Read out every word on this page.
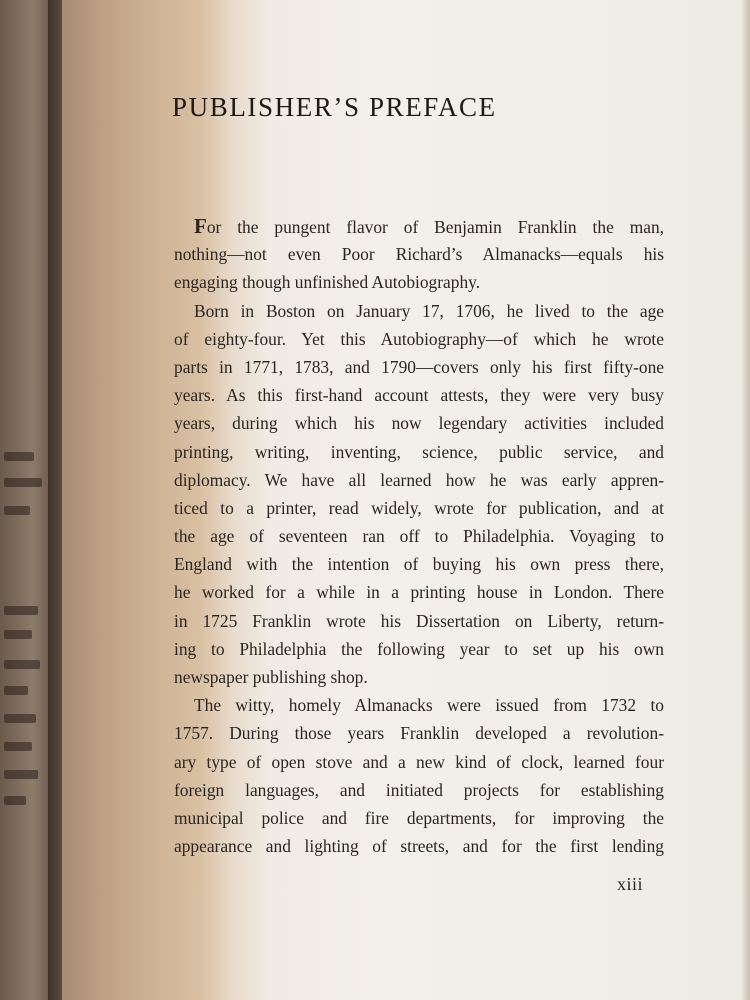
PUBLISHER’S PREFACE
For the pungent flavor of Benjamin Franklin the man,
nothing—not even Poor Richard’s Almanacks—equals his
engaging though unfinished Autobiography.
Born in Boston on January 17, 1706, he lived to the age
of eighty-four. Yet this Autobiography—of which he wrote
parts in 1771, 1783, and 1790—covers only his first fifty-one
years. As this first-hand account attests, they were very busy
years, during which his now legendary activities included
printing, writing, inventing, science, public service, and
diplomacy. We have all learned how he was early appren-
ticed to a printer, read widely, wrote for publication, and at
the age of seventeen ran off to Philadelphia. Voyaging to
England with the intention of buying his own press there,
he worked for a while in a printing house in London. There
in 1725 Franklin wrote his Dissertation on Liberty, return-
ing to Philadelphia the following year to set up his own
newspaper publishing shop.
The witty, homely Almanacks were issued from 1732 to
1757. During those years Franklin developed a revolution-
ary type of open stove and a new kind of clock, learned four
foreign languages, and initiated projects for establishing
municipal police and fire departments, for improving the
appearance and lighting of streets, and for the first lending
xiii
